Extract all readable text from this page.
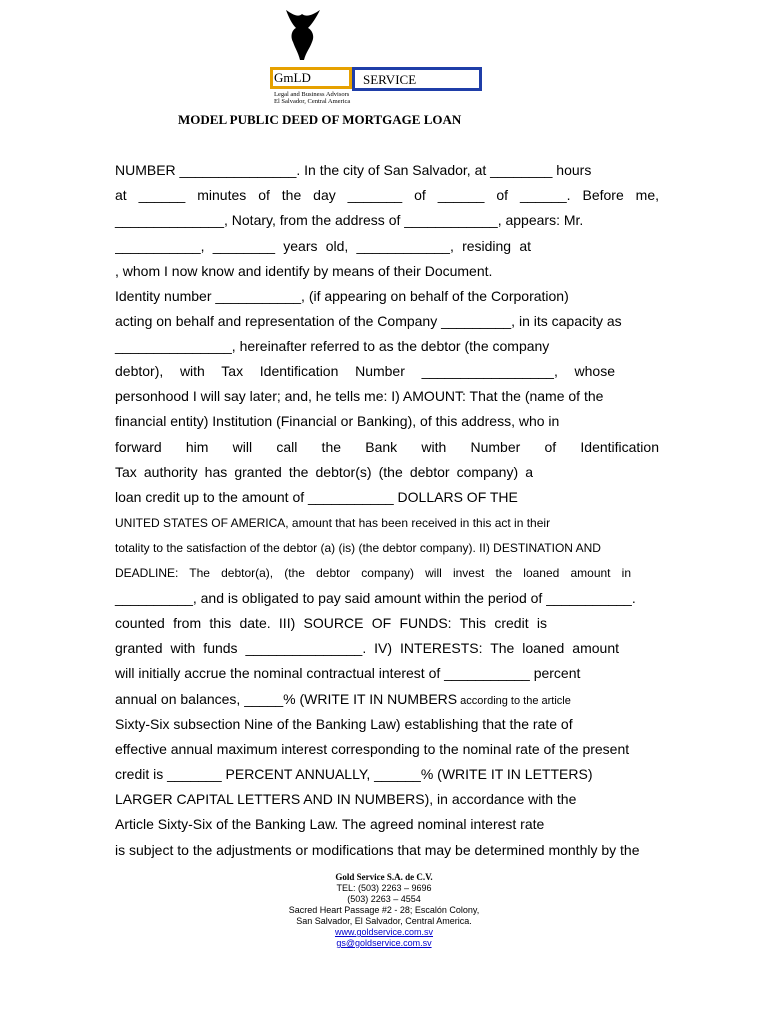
GmLD	SERVICE
Legal and Business Advisors
El Salvador, Central America
MODEL PUBLIC DEED OF MORTGAGE LOAN
NUMBER _______________. In the city of San Salvador, at ________ hours
at ______ minutes of the day _______ of ______ of ______. Before me,
______________, Notary, from the address of ____________, appears: Mr.
___________, ________ years old, ____________, residing at
, whom I now know and identify by means of their Document.
Identity number ___________, (if appearing on behalf of the Corporation)
acting on behalf and representation of the Company _________, in its capacity as
_______________, hereinafter referred to as the debtor (the company
debtor), with Tax Identification Number _________________, whose
personhood I will say later; and, he tells me: I) AMOUNT: That the (name of the
financial entity) Institution (Financial or Banking), of this address, who in
forward him will call the Bank with Number of Identification
Tax authority has granted the debtor(s) (the debtor company) a
loan credit up to the amount of ___________ DOLLARS OF THE
UNITED STATES OF AMERICA, amount that has been received in this act in their
totality to the satisfaction of the debtor (a) (is) (the debtor company). II) DESTINATION AND
DEADLINE: The debtor(a), (the debtor company) will invest the loaned amount in
__________, and is obligated to pay said amount within the period of ___________.
counted from this date. III) SOURCE OF FUNDS: This credit is
granted with funds _______________. IV) INTERESTS: The loaned amount
will initially accrue the nominal contractual interest of ___________ percent
annual on balances, _____% (WRITE IT IN NUMBERS according to the article
Sixty-Six subsection Nine of the Banking Law) establishing that the rate of
effective annual maximum interest corresponding to the nominal rate of the present
credit is _______ PERCENT ANNUALLY, ______% (WRITE IT IN LETTERS)
LARGER CAPITAL LETTERS AND IN NUMBERS), in accordance with the
Article Sixty-Six of the Banking Law. The agreed nominal interest rate
is subject to the adjustments or modifications that may be determined monthly by the
Gold Service S.A. de C.V.
TEL: (503) 2263 – 9696
(503) 2263 – 4554
Sacred Heart Passage #2 - 28; Escalón Colony,
San Salvador, El Salvador, Central America.
www.goldservice.com.sv
gs@goldservice.com.sv
